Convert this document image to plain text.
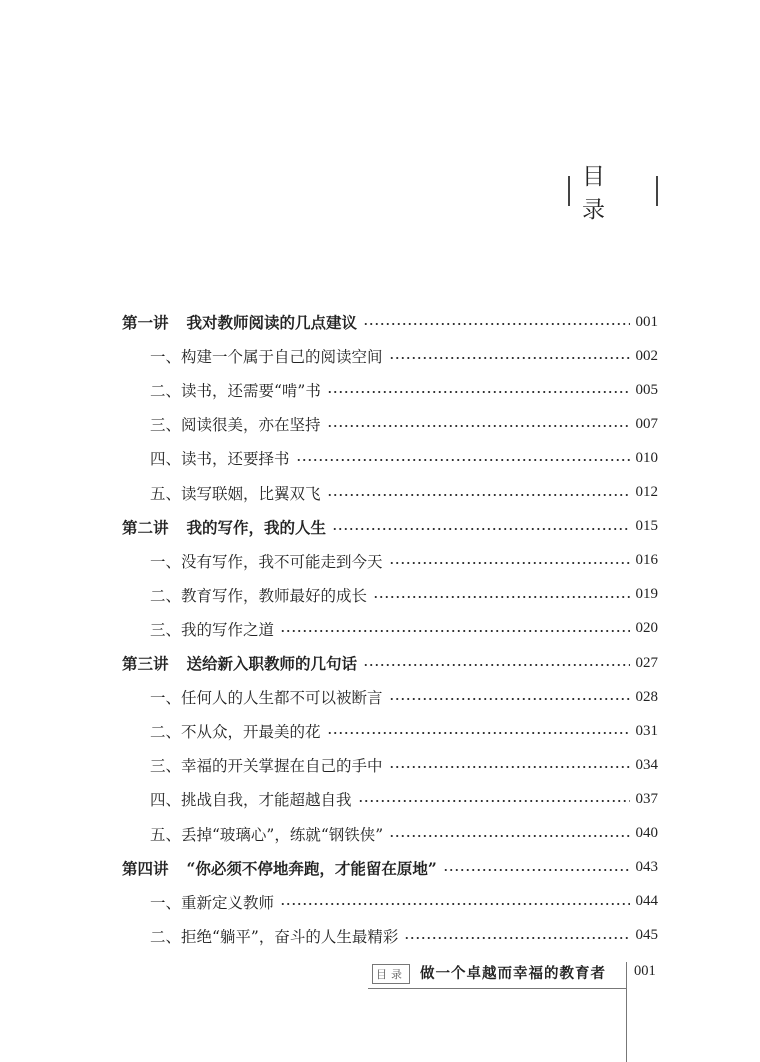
目 录
第一讲 我对教师阅读的几点建议	001
一、构建一个属于自己的阅读空间	002
二、读书，还需要“啃”书	005
三、阅读很美，亦在坚持	007
四、读书，还要择书	010
五、读写联姻，比翼双飞	012
第二讲 我的写作，我的人生	015
一、没有写作，我不可能走到今天	016
二、教育写作，教师最好的成长	019
三、我的写作之道	020
第三讲 送给新入职教师的几句话	027
一、任何人的人生都不可以被断言	028
二、不从众，开最美的花	031
三、幸福的开关掌握在自己的手中	034
四、挑战自我，才能超越自我	037
五、丢掉“玻璃心”，练就“钢铁侠”	040
第四讲 “你必须不停地奔跑，才能留在原地”	043
一、重新定义教师	044
二、拒绝“躺平”，奋斗的人生最精彩	045
目录 做一个卓越而幸福的教育者 001
